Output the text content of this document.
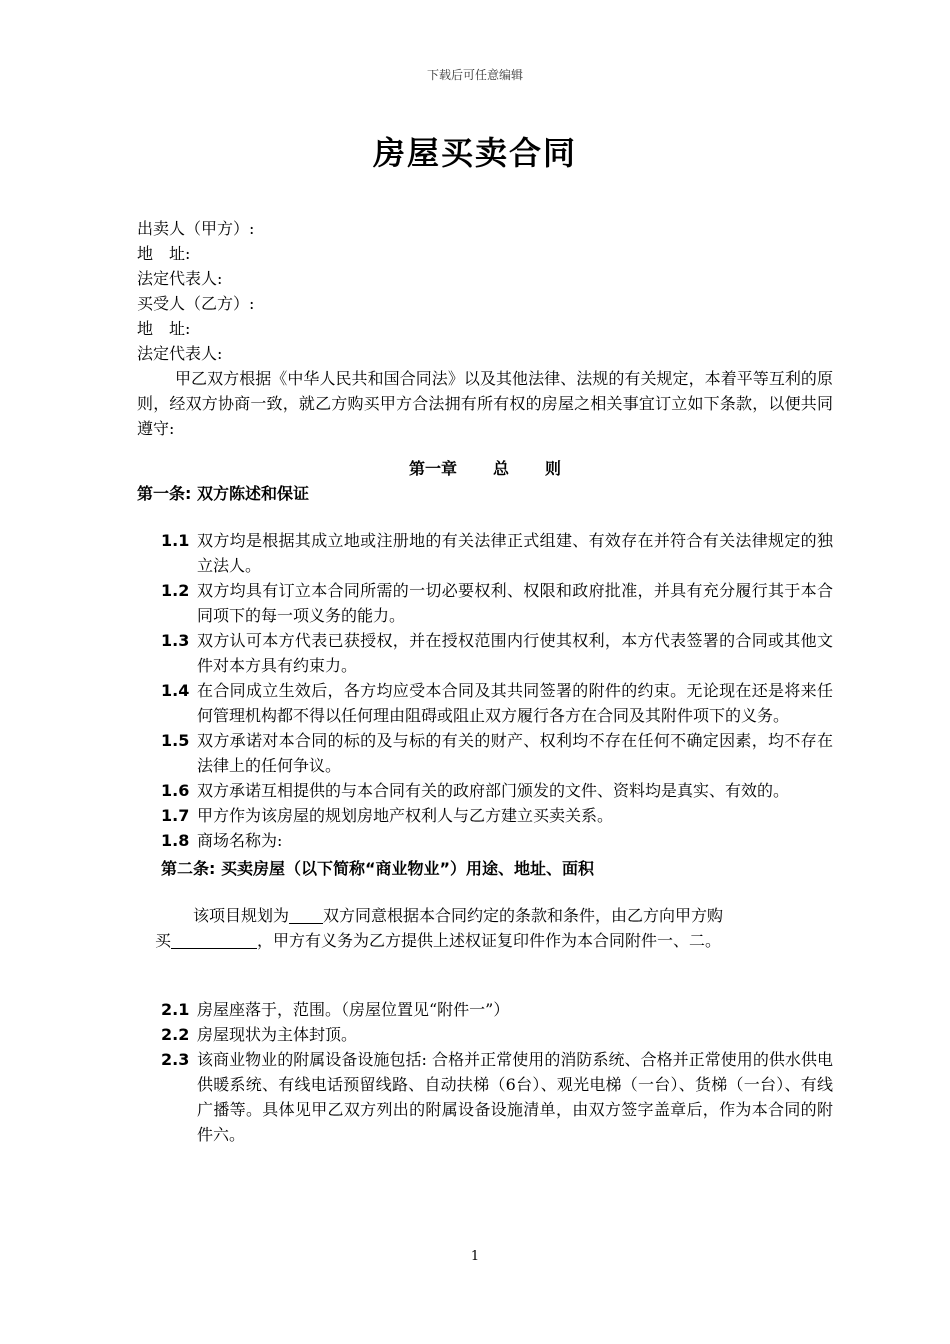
下载后可任意编辑
房屋买卖合同
出卖人（甲方）:
地　址:
法定代表人:
买受人（乙方）:
地　址:
法定代表人:
甲乙双方根据《中华人民共和国合同法》以及其他法律、法规的有关规定，本着平等互利的原则，经双方协商一致，就乙方购买甲方合法拥有所有权的房屋之相关事宜订立如下条款，以便共同遵守:
第一章 总 则
第一条: 双方陈述和保证
1.1 双方均是根据其成立地或注册地的有关法律正式组建、有效存在并符合有关法律规定的独立法人。
1.2 双方均具有订立本合同所需的一切必要权利、权限和政府批准，并具有充分履行其于本合同项下的每一项义务的能力。
1.3 双方认可本方代表已获授权，并在授权范围内行使其权利，本方代表签署的合同或其他文件对本方具有约束力。
1.4 在合同成立生效后，各方均应受本合同及其共同签署的附件的约束。无论现在还是将来任何管理机构都不得以任何理由阻碍或阻止双方履行各方在合同及其附件项下的义务。
1.5 双方承诺对本合同的标的及与标的有关的财产、权利均不存在任何不确定因素，均不存在法律上的任何争议。
1.6 双方承诺互相提供的与本合同有关的政府部门颁发的文件、资料均是真实、有效的。
1.7 甲方作为该房屋的规划房地产权利人与乙方建立买卖关系。
1.8 商场名称为:
第二条: 买卖房屋（以下简称“商业物业”）用途、地址、面积

该项目规划为 双方同意根据本合同约定的条款和条件，由乙方向甲方购

买	，甲方有义务为乙方提供上述权证复印件作为本合同附件一、二。

2.1 房屋座落于，范围。（房屋位置见“附件一”）
2.2 房屋现状为主体封顶。
2.3 该商业物业的附属设备设施包括: 合格并正常使用的消防系统、合格并正常使用的供水供电供暖系统、有线电话预留线路、自动扶梯（6台）、观光电梯（一台）、货梯（一台）、有线广播等。具体见甲乙双方列出的附属设备设施清单，由双方签字盖章后，作为本合同的附件六。
1
